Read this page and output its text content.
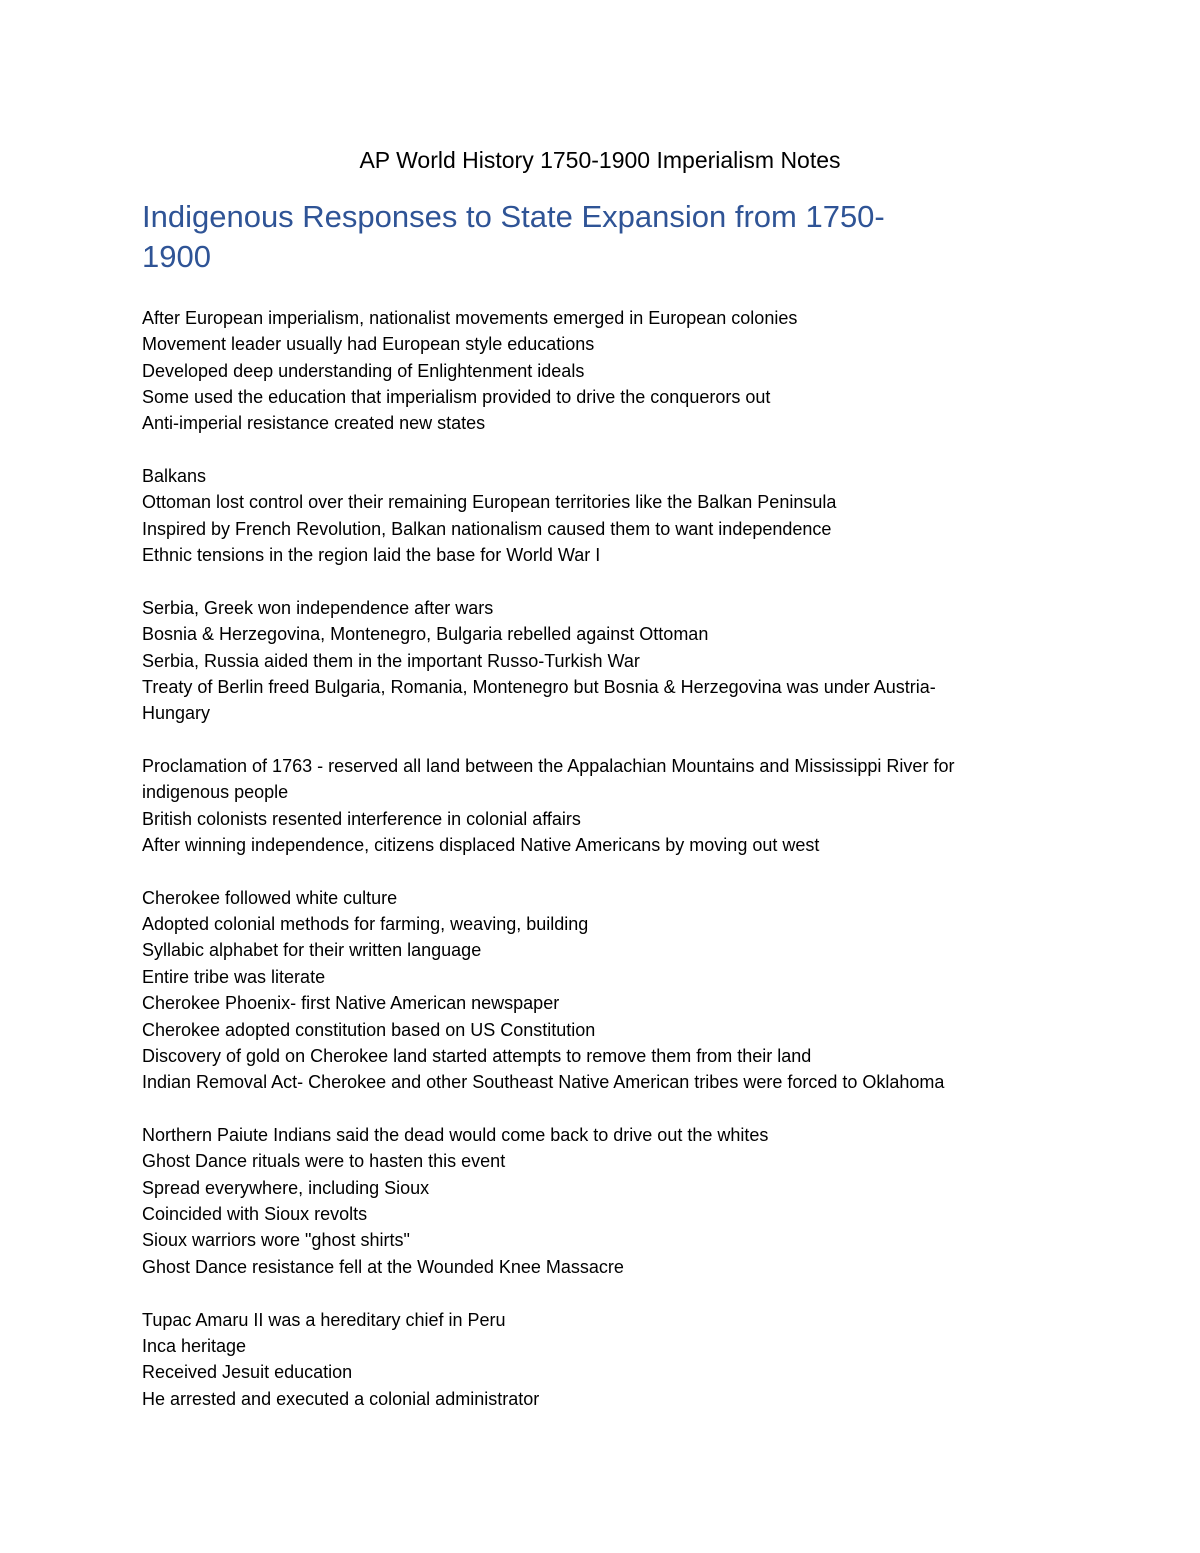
AP World History 1750-1900 Imperialism Notes
Indigenous Responses to State Expansion from 1750-
1900

After European imperialism, nationalist movements emerged in European colonies

Movement leader usually had European style educations

Developed deep understanding of Enlightenment ideals

Some used the education that imperialism provided to drive the conquerors out

Anti-imperial resistance created new states

Balkans

Ottoman lost control over their remaining European territories like the Balkan Peninsula

Inspired by French Revolution, Balkan nationalism caused them to want independence

Ethnic tensions in the region laid the base for World War I

Serbia, Greek won independence after wars

Bosnia & Herzegovina, Montenegro, Bulgaria rebelled against Ottoman

Serbia, Russia aided them in the important Russo-Turkish War

Treaty of Berlin freed Bulgaria, Romania, Montenegro but Bosnia & Herzegovina was under Austria-

Hungary

Proclamation of 1763 - reserved all land between the Appalachian Mountains and Mississippi River for

indigenous people

British colonists resented interference in colonial affairs

After winning independence, citizens displaced Native Americans by moving out west

Cherokee followed white culture

Adopted colonial methods for farming, weaving, building

Syllabic alphabet for their written language

Entire tribe was literate

Cherokee Phoenix- first Native American newspaper

Cherokee adopted constitution based on US Constitution

Discovery of gold on Cherokee land started attempts to remove them from their land

Indian Removal Act- Cherokee and other Southeast Native American tribes were forced to Oklahoma

Northern Paiute Indians said the dead would come back to drive out the whites

Ghost Dance rituals were to hasten this event

Spread everywhere, including Sioux

Coincided with Sioux revolts

Sioux warriors wore "ghost shirts"

Ghost Dance resistance fell at the Wounded Knee Massacre

Tupac Amaru II was a hereditary chief in Peru

Inca heritage

Received Jesuit education

He arrested and executed a colonial administrator
